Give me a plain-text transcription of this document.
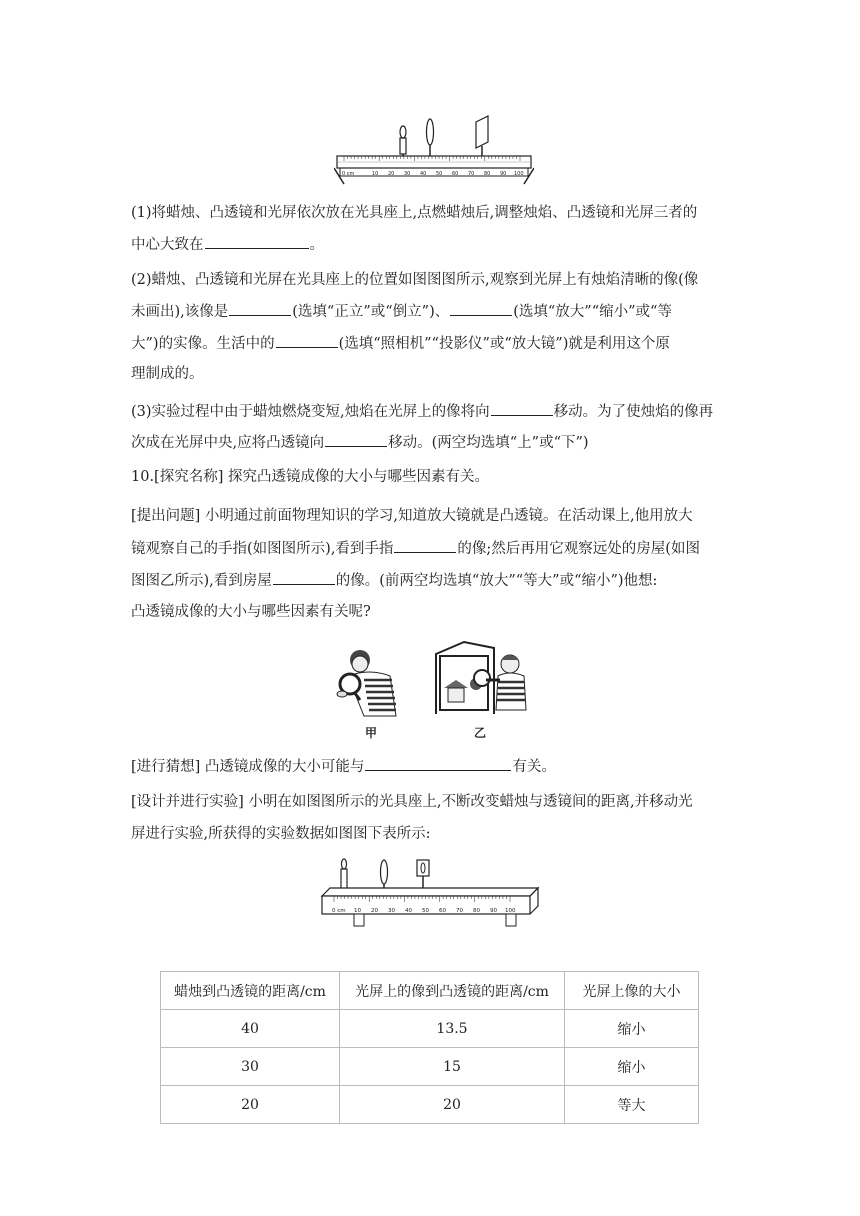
0 cm	10 20 30 40 50 60 70 80 90 100
(1)将蜡烛、凸透镜和光屏依次放在光具座上,点燃蜡烛后,调整烛焰、凸透镜和光屏三者的
中心大致在	。
(2)蜡烛、凸透镜和光屏在光具座上的位置如图图图所示,观察到光屏上有烛焰清晰的像(像
未画出),该像是	(选填“正立”或“倒立”)、	(选填“放大”“缩小”或“等
大”)的实像。生活中的	(选填“照相机”“投影仪”或“放大镜”)就是利用这个原
理制成的。
(3)实验过程中由于蜡烛燃烧变短,烛焰在光屏上的像将向	移动。为了使烛焰的像再
次成在光屏中央,应将凸透镜向	移动。(两空均选填“上”或“下”)
10.[探究名称] 探究凸透镜成像的大小与哪些因素有关。
[提出问题] 小明通过前面物理知识的学习,知道放大镜就是凸透镜。在活动课上,他用放大
镜观察自己的手指(如图图所示),看到手指	的像;然后再用它观察远处的房屋(如图
图图乙所示),看到房屋	的像。(前两空均选填“放大”“等大”或“缩小”)他想:
凸透镜成像的大小与哪些因素有关呢?
甲	乙
[进行猜想] 凸透镜成像的大小可能与	有关。
[设计并进行实验] 小明在如图图所示的光具座上,不断改变蜡烛与透镜间的距离,并移动光
屏进行实验,所获得的实验数据如图图下表所示:
0 cm 10 20 30 40 50 60 70 80 90 100
蜡烛到凸透镜的距离/cm	光屏上的像到凸透镜的距离/cm	光屏上像的大小
40	13.5	缩小
30	15	缩小
20	20	等大
